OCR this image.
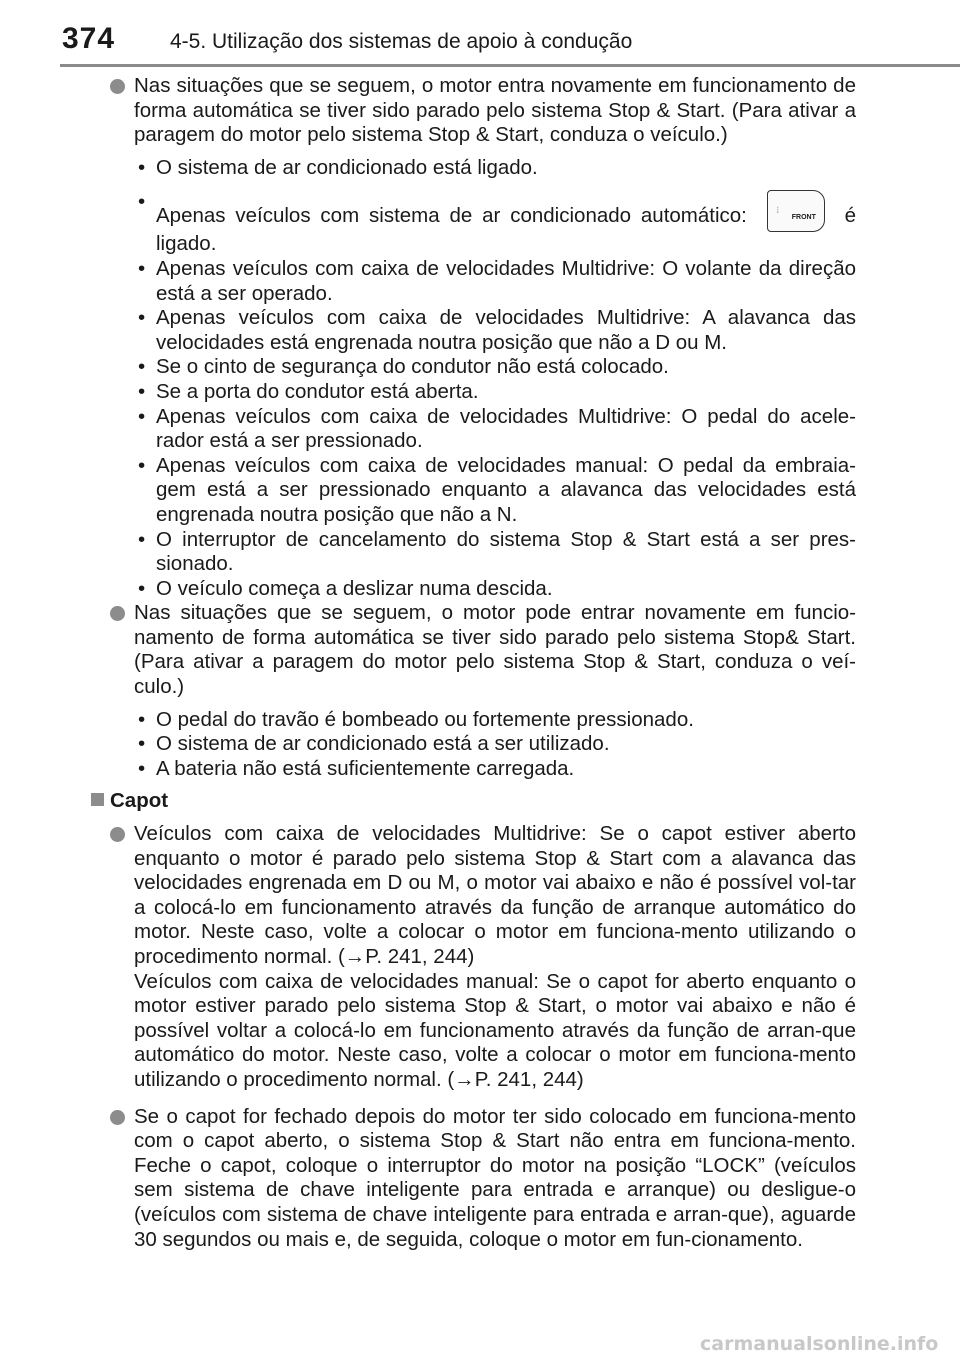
374	4-5. Utilização dos sistemas de apoio à condução
Nas situações que se seguem, o motor entra novamente em funcionamento de forma automática se tiver sido parado pelo sistema Stop & Start. (Para ativar a paragem do motor pelo sistema Stop & Start, conduza o veículo.)
• O sistema de ar condicionado está ligado.
• Apenas veículos com sistema de ar condicionado automático:	⦙
FRONT é ligado.
• Apenas veículos com caixa de velocidades Multidrive: O volante da direção está a ser operado.
• Apenas veículos com caixa de velocidades Multidrive: A alavanca das velocidades está engrenada noutra posição que não a D ou M.
• Se o cinto de segurança do condutor não está colocado.
• Se a porta do condutor está aberta.
• Apenas veículos com caixa de velocidades Multidrive: O pedal do acele-rador está a ser pressionado.
• Apenas veículos com caixa de velocidades manual: O pedal da embraia-gem está a ser pressionado enquanto a alavanca das velocidades está engrenada noutra posição que não a N.
• O interruptor de cancelamento do sistema Stop & Start está a ser pres-sionado.
• O veículo começa a deslizar numa descida.
Nas situações que se seguem, o motor pode entrar novamente em funcio-namento de forma automática se tiver sido parado pelo sistema Stop& Start. (Para ativar a paragem do motor pelo sistema Stop & Start, conduza o veí-culo.)
• O pedal do travão é bombeado ou fortemente pressionado.
• O sistema de ar condicionado está a ser utilizado.
• A bateria não está suficientemente carregada.
Capot
Veículos com caixa de velocidades Multidrive: Se o capot estiver aberto enquanto o motor é parado pelo sistema Stop & Start com a alavanca das velocidades engrenada em D ou M, o motor vai abaixo e não é possível vol-tar a colocá-lo em funcionamento através da função de arranque automático do motor. Neste caso, volte a colocar o motor em funciona-mento utilizando o procedimento normal. (→P. 241, 244)
Veículos com caixa de velocidades manual: Se o capot for aberto enquanto o motor estiver parado pelo sistema Stop & Start, o motor vai abaixo e não é possível voltar a colocá-lo em funcionamento através da função de arran-que automático do motor. Neste caso, volte a colocar o motor em funciona-mento utilizando o procedimento normal. (→P. 241, 244)
Se o capot for fechado depois do motor ter sido colocado em funciona-mento com o capot aberto, o sistema Stop & Start não entra em funciona-mento. Feche o capot, coloque o interruptor do motor na posição “LOCK” (veículos sem sistema de chave inteligente para entrada e arranque) ou desligue-o (veículos com sistema de chave inteligente para entrada e arran-que), aguarde 30 segundos ou mais e, de seguida, coloque o motor em fun-cionamento.
carmanualsonline.info
